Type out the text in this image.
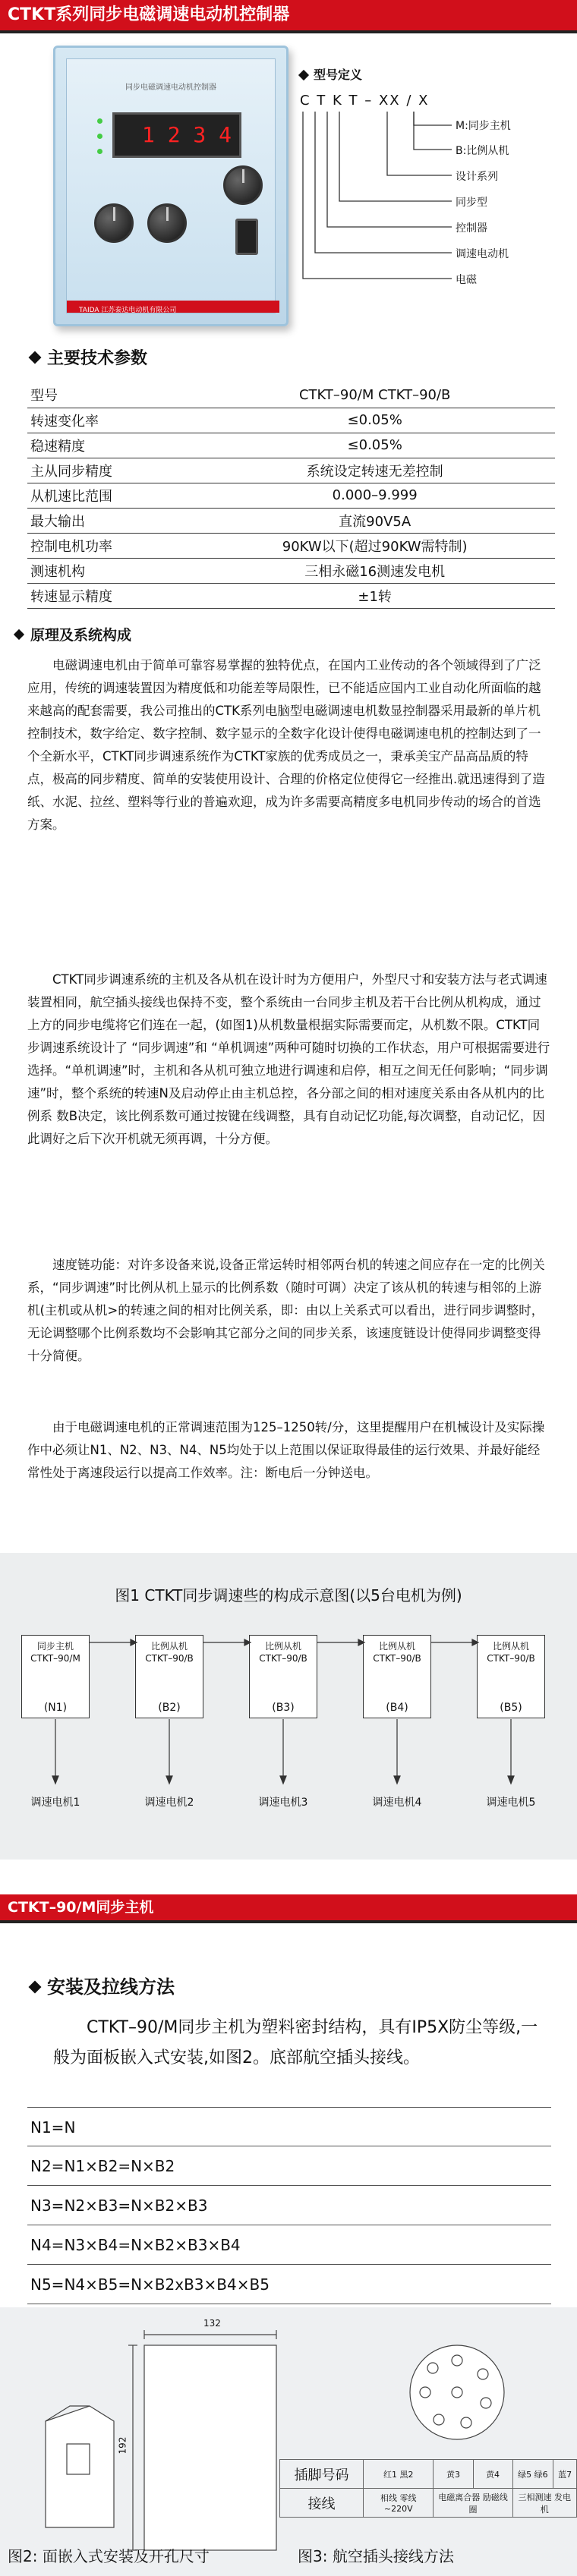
CTKT系列同步电磁调速电动机控制器
同步电磁调速电动机控制器
1 2 3 4
TAIDA 江苏泰达电动机有限公司
型号定义
C T K T – XX / X
M:同步主机
B:比例从机
设计系列
同步型
控制器
调速电动机
电磁
主要技术参数
型号	CTKT–90/M CTKT–90/B
转速变化率	≤0.05%
稳速精度	≤0.05%
主从同步精度	系统设定转速无差控制
从机速比范围	0.000–9.999
最大输出	直流90V5A
控制电机功率	90KW以下(超过90KW需特制)
测速机构	三相永磁16测速发电机
转速显示精度	±1转
原理及系统构成
电磁调速电机由于简单可靠容易掌握的独特优点，在国内工业传动的各个领域得到了广泛应用，传统的调速装置因为精度低和功能差等局限性，已不能适应国内工业自动化所面临的越来越高的配套需要，我公司推出的CTK系列电脑型电磁调速电机数显控制器采用最新的单片机控制技术，数字给定、数字控制、数字显示的全数字化设计使得电磁调速电机的控制达到了一个全新水平，CTKT同步调速系统作为CTKT家族的优秀成员之一，秉承美宝产品高品质的特点，极高的同步精度、简单的安装使用设计、合理的价格定位使得它一经推出.就迅速得到了造纸、水泥、拉丝、塑料等行业的普遍欢迎，成为许多需要高精度多电机同步传动的场合的首选方案。
CTKT同步调速系统的主机及各从机在设计时为方便用户，外型尺寸和安装方法与老式调速装置相同，航空插头接线也保持不变，整个系统由一台同步主机及若干台比例从机构成，通过上方的同步电缆将它们连在一起，(如图1)从机数量根据实际需要而定，从机数不限。CTKT同步调速系统设计了 “同步调速”和 “单机调速”两种可随时切换的工作状态，用户可根据需要进行选择。“单机调速”时，主机和各从机可独立地进行调速和启停，相互之间无任何影响；“同步调速”时，整个系统的转速N及启动停止由主机总控，各分部之间的相对速度关系由各从机内的比例系 数B决定，该比例系数可通过按键在线调整，具有自动记忆功能,每次调整，自动记忆，因此调好之后下次开机就无须再调，十分方便。
速度链功能：对许多设备来说,设备正常运转时相邻两台机的转速之间应存在一定的比例关系，“同步调速”时比例从机上显示的比例系数（随时可调）决定了该从机的转速与相邻的上游机(主机或从机>的转速之间的相对比例关系，即：由以上关系式可以看出，进行同步调整时，无论调整哪个比例系数均不会影响其它部分之间的同步关系，该速度链设计使得同步调整变得十分简便。
由于电磁调速电机的正常调速范围为125–1250转/分，这里提醒用户在机械设计及实际操作中必须让N1、N2、N3、N4、N5均处于以上范围以保证取得最佳的运行效果、并最好能经常性处于离速段运行以提高工作效率。注：断电后一分钟送电。
图1 CTKT同步调速些的构成示意图(以5台电机为例)
同步主机
CTKT–90/M
比例从机
CTKT–90/B
比例从机
CTKT–90/B
比例从机
CTKT–90/B
比例从机
CTKT–90/B
(N1)	(B2)	(B3)	(B4)	(B5)
调速电机1	调速电机2	调速电机3	调速电机4	调速电机5
CTKT–90/M同步主机
安装及拉线方法
CTKT–90/M同步主机为塑料密封结构，具有IP5X防尘等级,一般为面板嵌入式安装,如图2。底部航空插头接线。
N1=N
N2=N1×B2=N×B2
N3=N2×B3=N×B2×B3
N4=N3×B4=N×B2×B3×B4
N5=N4×B5=N×B2xB3×B4×B5
132
192
插脚号码	红1 黑2	黄3	黄4	绿5 绿6	蓝7
接线	相线 零线 ~220V	电磁离合器 励磁线圈		三相测速 发电机	
图2: 面嵌入式安装及开孔尺寸	图3: 航空插头接线方法
